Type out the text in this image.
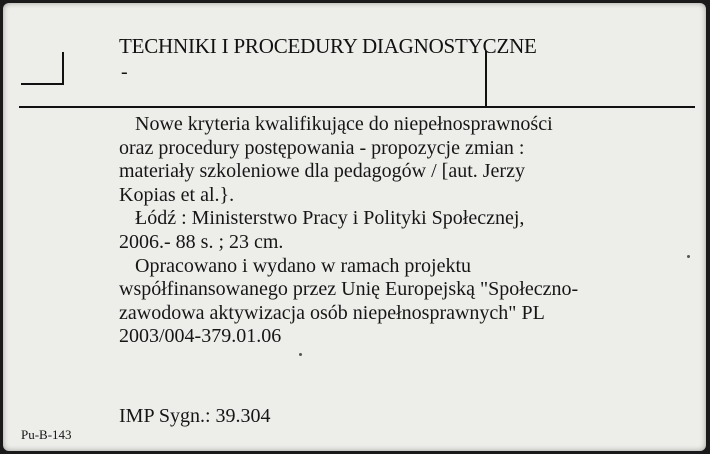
TECHNIKI I PROCEDURY DIAGNOSTYCZNE
-
Nowe kryteria kwalifikujące do niepełnosprawności
oraz procedury postępowania - propozycje zmian :
materiały szkoleniowe dla pedagogów / [aut. Jerzy
Kopias et al.}.
Łódź : Ministerstwo Pracy i Polityki Społecznej,
2006.- 88 s. ; 23 cm.
Opracowano i wydano w ramach projektu
współfinansowanego przez Unię Europejską "Społeczno-
zawodowa aktywizacja osób niepełnosprawnych" PL
2003/004-379.01.06
IMP Sygn.: 39.304
Pu-B-143
